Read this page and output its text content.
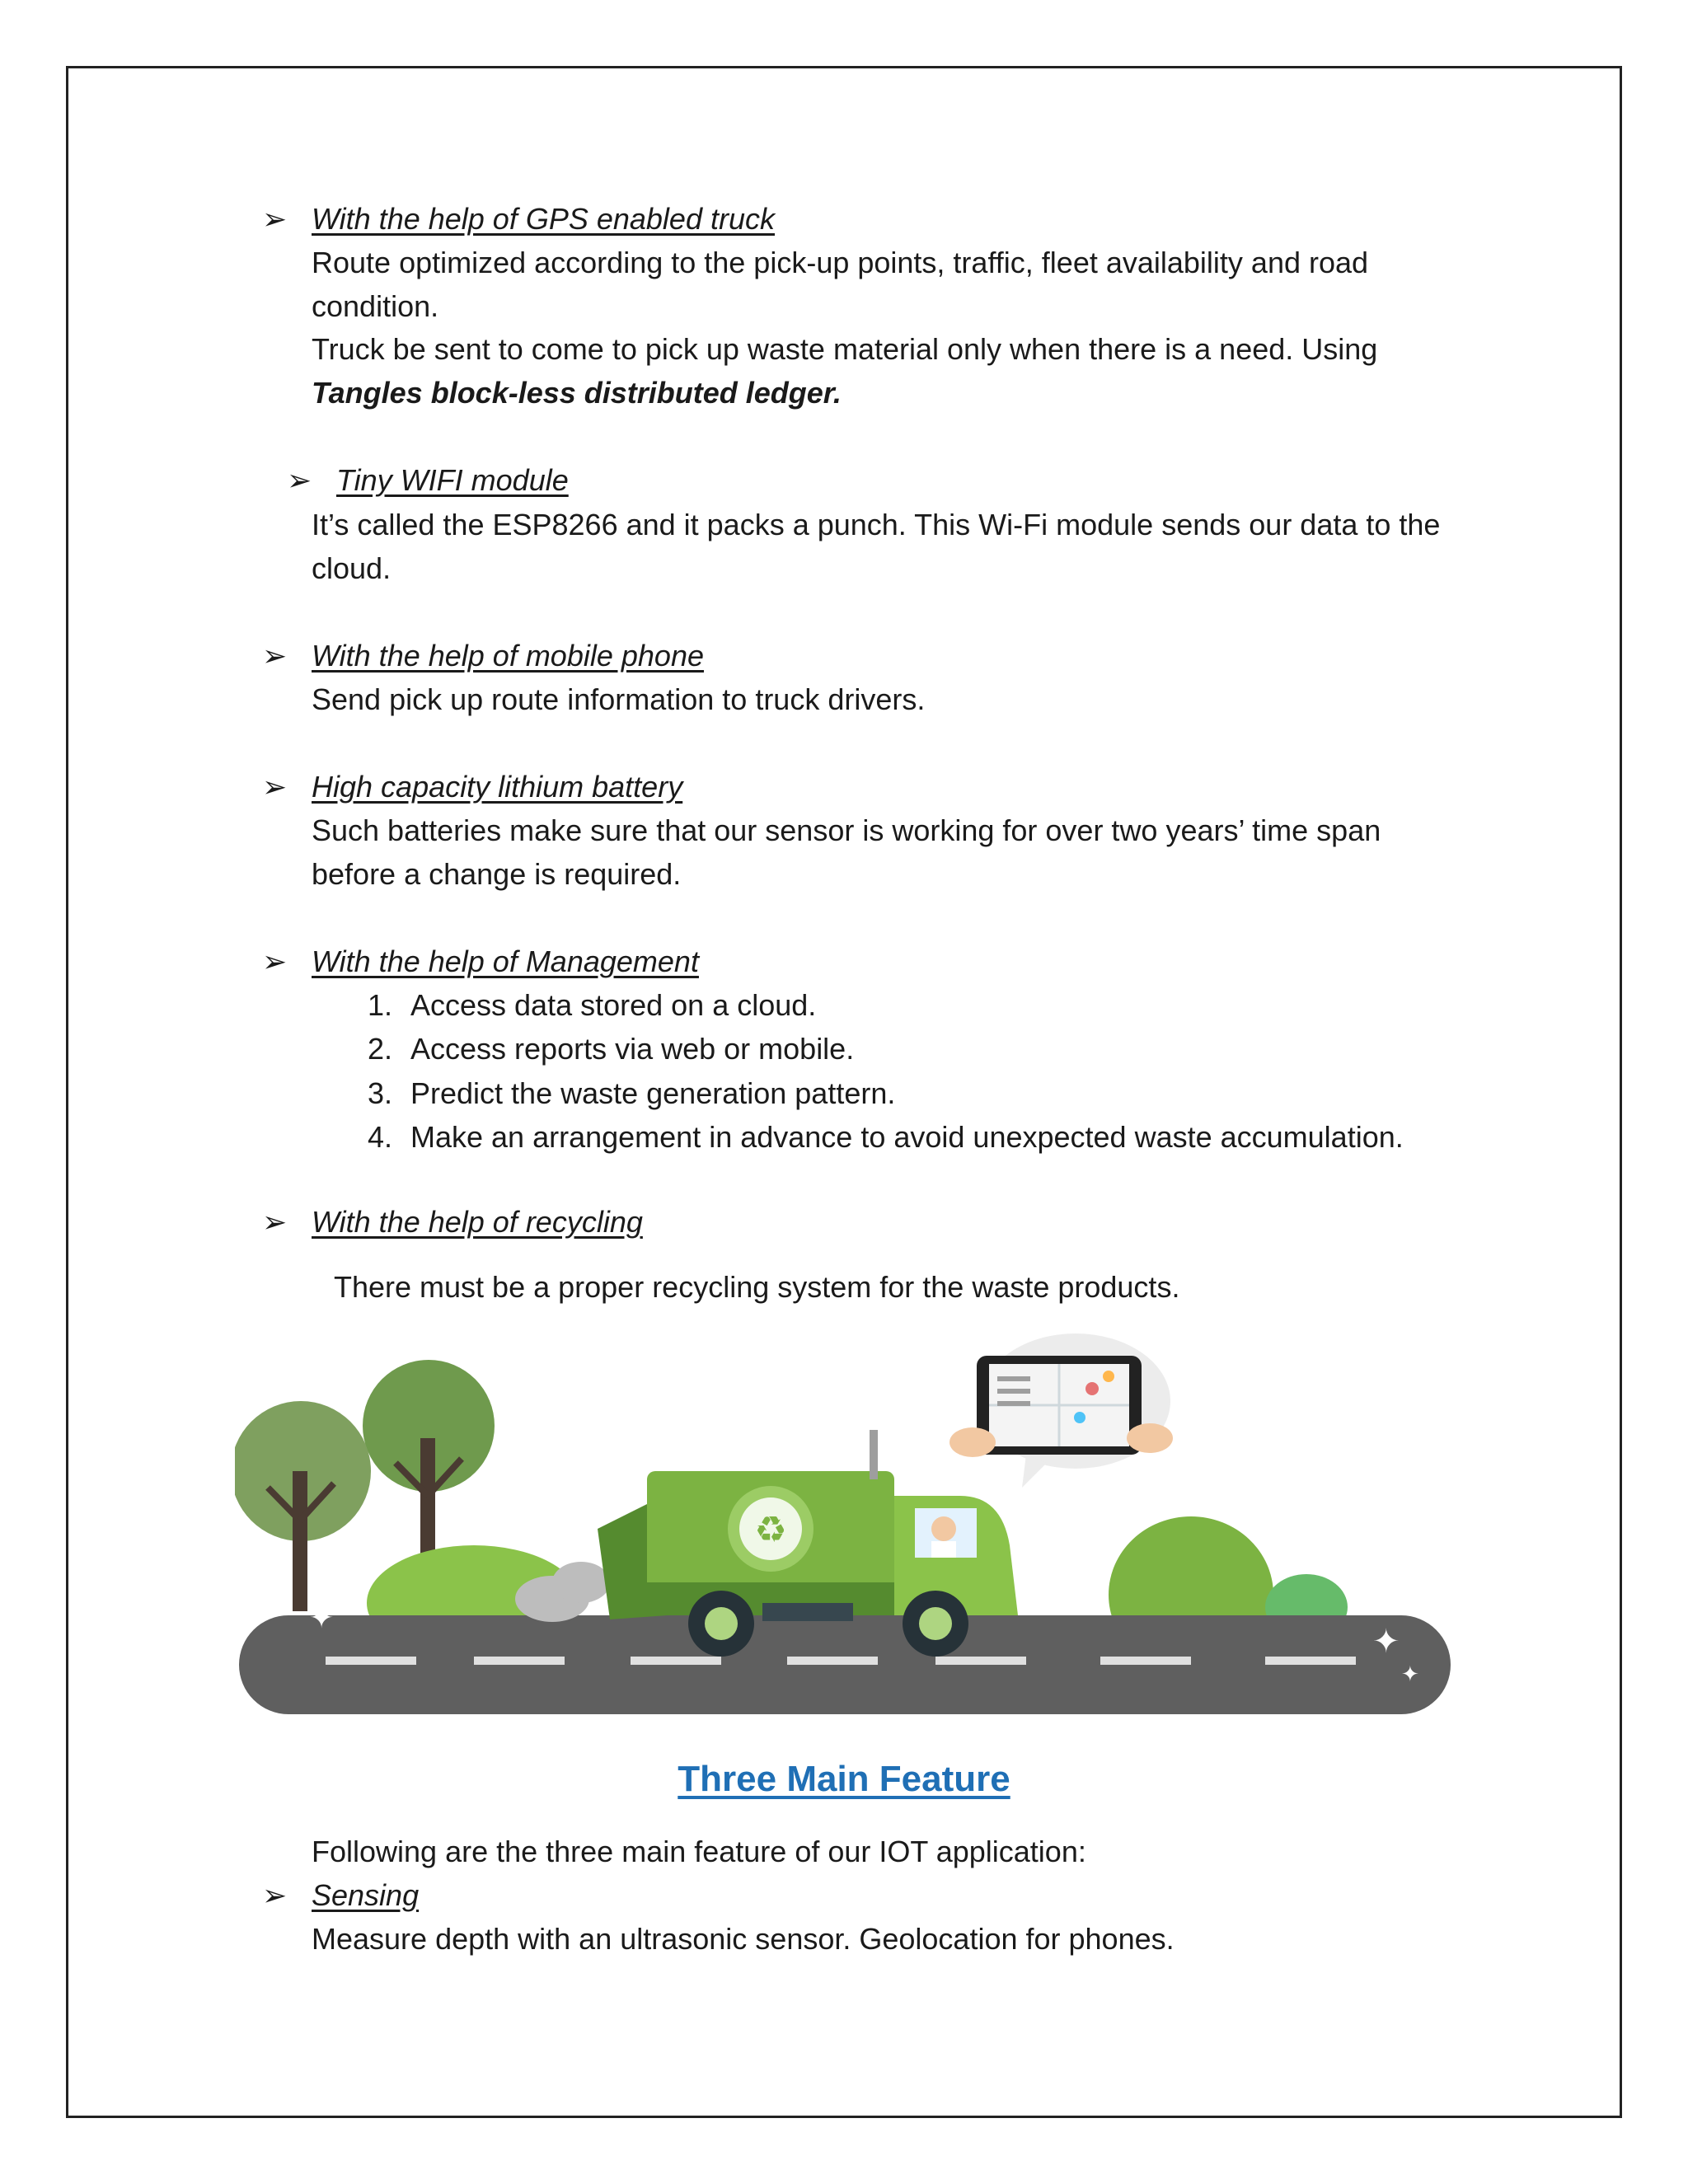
➢ With the help of GPS enabled truck
Route optimized according to the pick-up points, traffic, fleet availability and road
condition.
Truck be sent to come to pick up waste material only when there is a need. Using
Tangles block-less distributed ledger.
➢ Tiny WIFI module
It’s called the ESP8266 and it packs a punch. This Wi-Fi module sends our data to the
cloud.
➢ With the help of mobile phone
Send pick up route information to truck drivers.
➢ High capacity lithium battery
Such batteries make sure that our sensor is working for over two years’ time span
before a change is required.
➢ With the help of Management
1. Access data stored on a cloud.
2. Access reports via web or mobile.
3. Predict the waste generation pattern.
4. Make an arrangement in advance to avoid unexpected waste accumulation.
➢ With the help of recycling
There must be a proper recycling system for the waste products.
♻
✦
✦
✦
Three Main Feature
Following are the three main feature of our IOT application:
➢ Sensing
Measure depth with an ultrasonic sensor. Geolocation for phones.
